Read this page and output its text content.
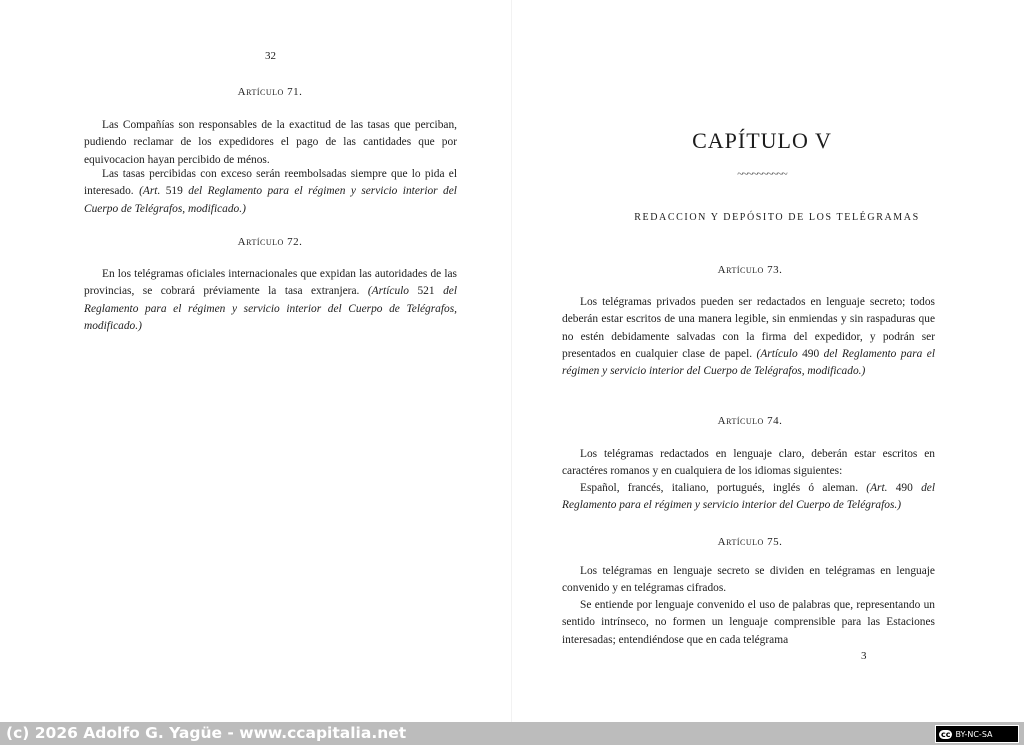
32
Artículo 71.

Las Compañías son responsables de la exactitud de las tasas que perciban, pudiendo reclamar de los expedidores el pago de las cantidades que por equivocacion hayan percibido de ménos.

Las tasas percibidas con exceso serán reembolsadas siempre que lo pida el interesado. (Art. 519 del Reglamento para el régimen y servicio interior del Cuerpo de Telégrafos, modificado.)

Artículo 72.

En los telégramas oficiales internacionales que expidan las autoridades de las provincias, se cobrará préviamente la tasa extranjera. (Artículo 521 del Reglamento para el régimen y servicio interior del Cuerpo de Telégrafos, modificado.)

CAPÍTULO V
~~~~~~~~~~
REDACCION Y DEPÓSITO DE LOS TELÉGRAMAS
Artículo 73.

Los telégramas privados pueden ser redactados en lenguaje secreto; todos deberán estar escritos de una manera legible, sin enmiendas y sin raspaduras que no estén debidamente salvadas con la firma del expedidor, y podrán ser presentados en cualquier clase de papel. (Artículo 490 del Reglamento para el régimen y servicio interior del Cuerpo de Telégrafos, modificado.)

Artículo 74.

Los telégramas redactados en lenguaje claro, deberán estar escritos en caractéres romanos y en cualquiera de los idiomas siguientes:

Español, francés, italiano, portugués, inglés ó aleman. (Art. 490 del Reglamento para el régimen y servicio interior del Cuerpo de Telégrafos.)

Artículo 75.

Los telégramas en lenguaje secreto se dividen en telégramas en lenguaje convenido y en telégramas cifrados.

Se entiende por lenguaje convenido el uso de palabras que, representando un sentido intrínseco, no formen un lenguaje comprensible para las Estaciones interesadas; entendiéndose que en cada telégrama

3
(c) 2026 Adolfo G. Yagüe - www.ccapitalia.net	cc BY-NC-SA
